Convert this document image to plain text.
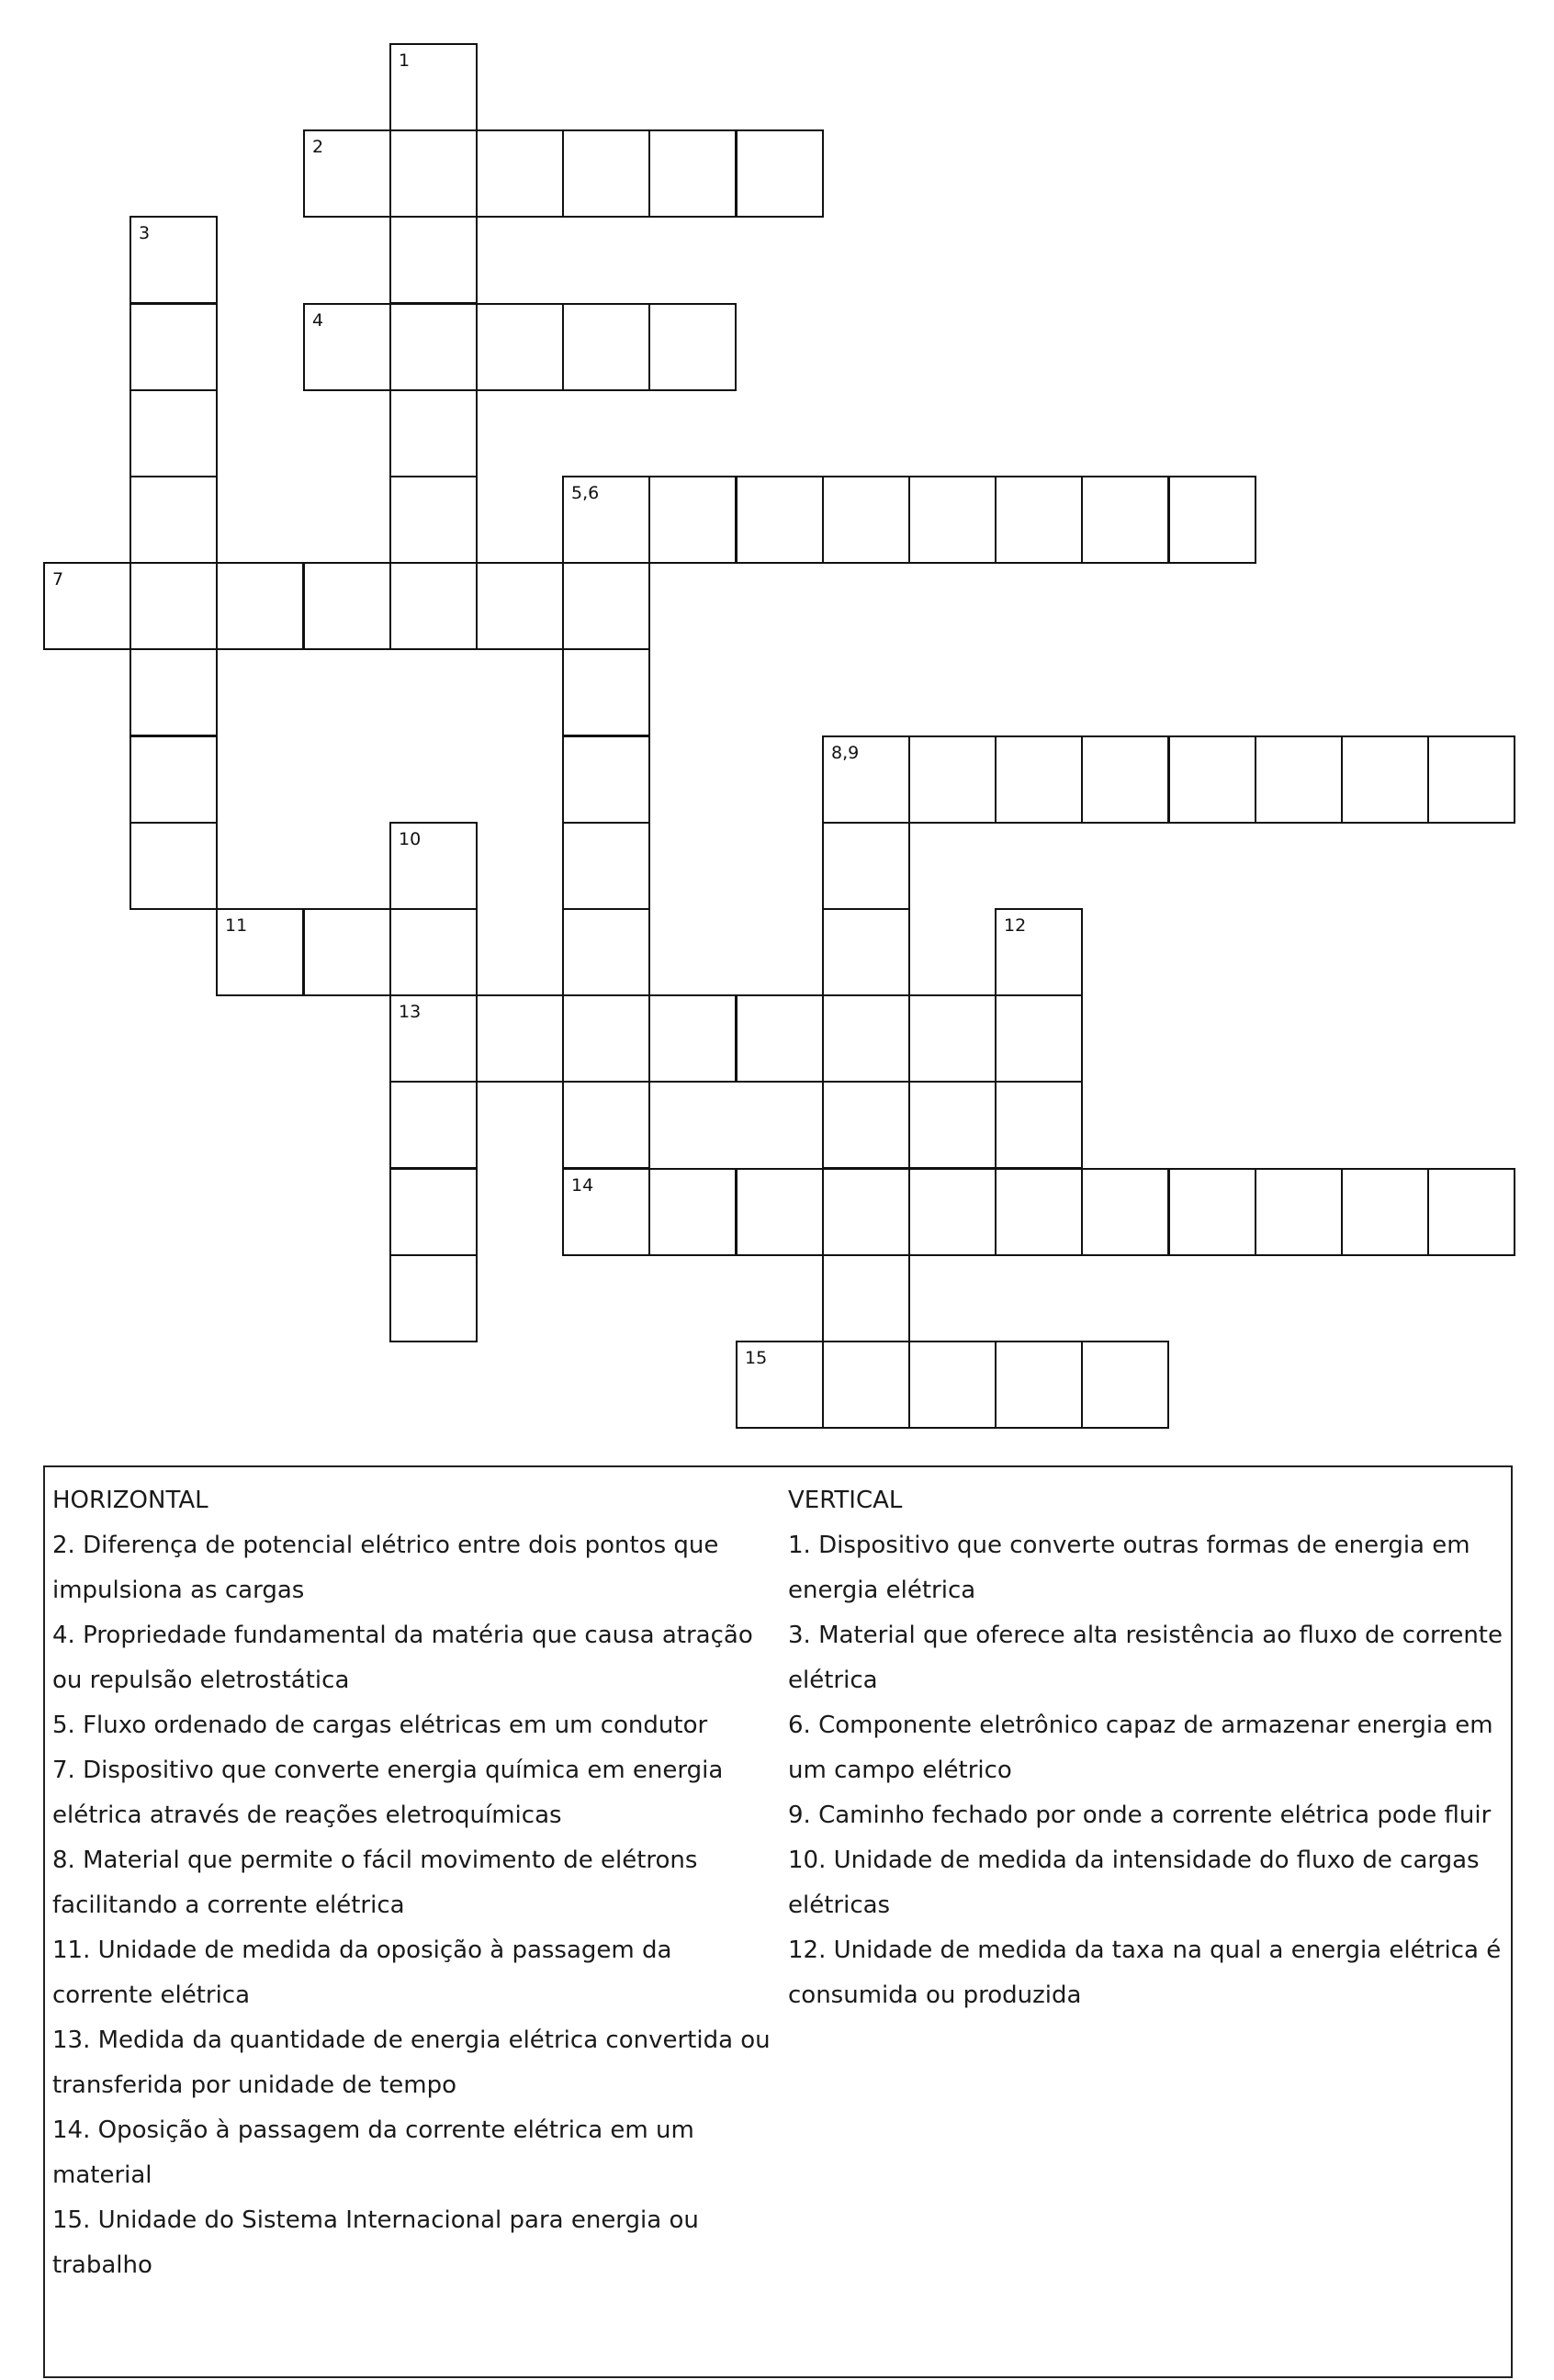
1
2
3
4
5,6
7
8,9
10
11	12
13
14
15

HORIZONTAL

2. Diferença de potencial elétrico entre dois pontos que impulsiona as cargas

4. Propriedade fundamental da matéria que causa atração ou repulsão eletrostática

5. Fluxo ordenado de cargas elétricas em um condutor

7. Dispositivo que converte energia química em energia elétrica através de reações eletroquímicas

8. Material que permite o fácil movimento de elétrons facilitando a corrente elétrica

11. Unidade de medida da oposição à passagem da corrente elétrica

13. Medida da quantidade de energia elétrica convertida ou transferida por unidade de tempo

14. Oposição à passagem da corrente elétrica em um material

15. Unidade do Sistema Internacional para energia ou trabalho

VERTICAL

1. Dispositivo que converte outras formas de energia em energia elétrica

3. Material que oferece alta resistência ao fluxo de corrente elétrica

6. Componente eletrônico capaz de armazenar energia em um campo elétrico

9. Caminho fechado por onde a corrente elétrica pode fluir

10. Unidade de medida da intensidade do fluxo de cargas elétricas

12. Unidade de medida da taxa na qual a energia elétrica é consumida ou produzida
